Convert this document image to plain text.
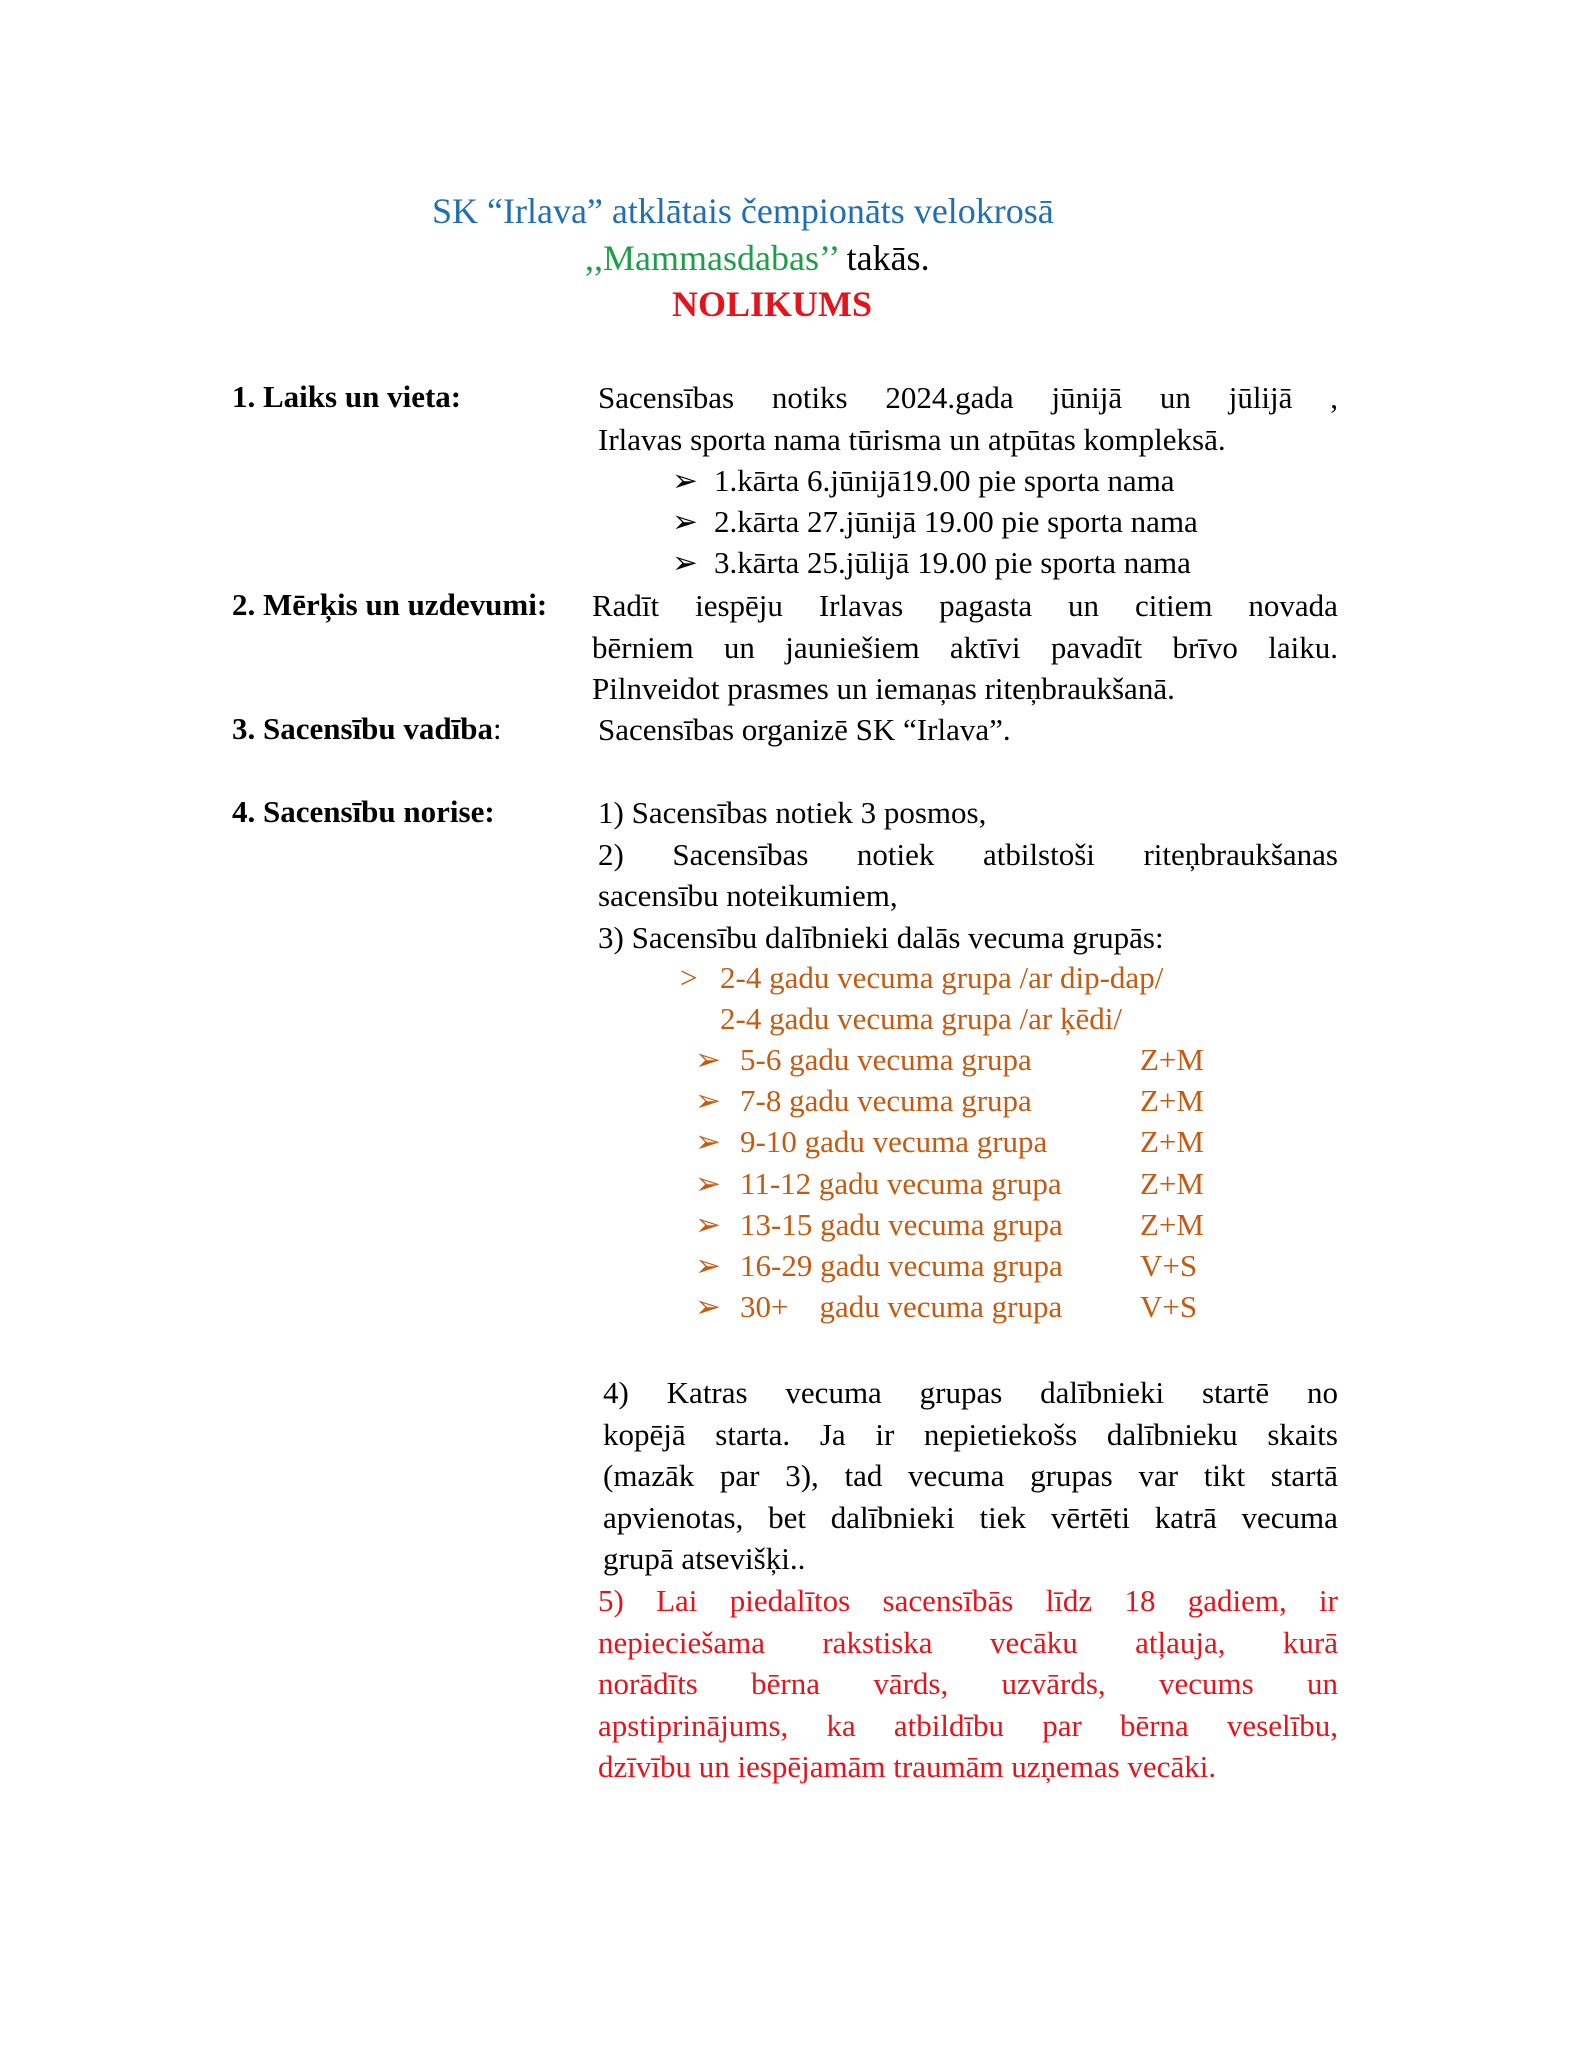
SK “Irlava” atklātais čempionāts velokrosā
,,Mammasdabas’’ takās.
NOLIKUMS
1. Laiks un vieta:	Sacensības notiks 2024.gada jūnijā un jūlijā ,
Irlavas sporta nama tūrisma un atpūtas kompleksā.
➢ 1.kārta 6.jūnijā19.00 pie sporta nama
➢ 2.kārta 27.jūnijā 19.00 pie sporta nama
➢ 3.kārta 25.jūlijā 19.00 pie sporta nama
2. Mērķis un uzdevumi: Radīt iespēju Irlavas pagasta un citiem novada
bērniem un jauniešiem aktīvi pavadīt brīvo laiku.
Pilnveidot prasmes un iemaņas riteņbraukšanā.
3. Sacensību vadība:	Sacensības organizē SK “Irlava”.
4. Sacensību norise:	1) Sacensības notiek 3 posmos,
2) Sacensības notiek atbilstoši riteņbraukšanas
sacensību noteikumiem,
3) Sacensību dalībnieki dalās vecuma grupās:
> 2-4 gadu vecuma grupa /ar dip-dap/
2-4 gadu vecuma grupa /ar ķēdi/
➢ 5-6 gadu vecuma grupa	Z+M
➢ 7-8 gadu vecuma grupa	Z+M
➢ 9-10 gadu vecuma grupa	Z+M
➢ 11-12 gadu vecuma grupa	Z+M
➢ 13-15 gadu vecuma grupa Z+M
➢ 16-29 gadu vecuma grupa V+S
➢ 30+    gadu vecuma grupa	V+S
4) Katras vecuma grupas dalībnieki startē no
kopējā starta. Ja ir nepietiekošs dalībnieku skaits
(mazāk par 3), tad vecuma grupas var tikt startā
apvienotas, bet dalībnieki tiek vērtēti katrā vecuma
grupā atsevišķi..
5) Lai piedalītos sacensībās līdz 18 gadiem, ir
nepieciešama rakstiska vecāku atļauja, kurā
norādīts bērna vārds, uzvārds, vecums un
apstiprinājums, ka atbildību par bērna veselību,
dzīvību un iespējamām traumām uzņemas vecāki.
